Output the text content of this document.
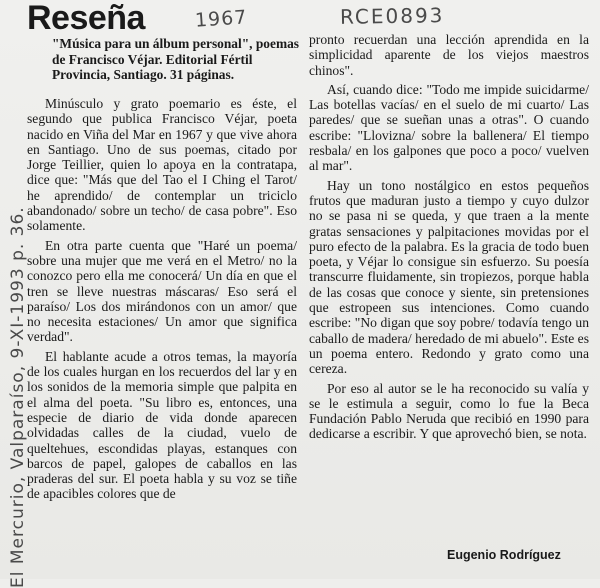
Reseña	1967	RCE0893
El Mercurio, Valparaíso, 9-XI-1993 p. 36.
"Música para un álbum personal", poemas de Francisco Véjar. Editorial Fértil Provincia, Santiago. 31 páginas.

Minúsculo y grato poemario es éste, el segundo que publica Francisco Véjar, poeta nacido en Viña del Mar en 1967 y que vive ahora en Santiago. Uno de sus poemas, citado por Jorge Teillier, quien lo apoya en la contratapa, dice que: "Más que del Tao el I Ching el Tarot/ he aprendido/ de contemplar un triciclo abandonado/ sobre un techo/ de casa pobre". Eso solamente.

En otra parte cuenta que "Haré un poema/ sobre una mujer que me verá en el Metro/ no la conozco pero ella me conocerá/ Un día en que el tren se lleve nuestras máscaras/ Eso será el paraíso/ Los dos mirándonos con un amor/ que no necesita estaciones/ Un amor que significa verdad".

El hablante acude a otros temas, la mayoría de los cuales hurgan en los recuerdos del lar y en los sonidos de la memoria simple que palpita en el alma del poeta. "Su libro es, entonces, una especie de diario de vida donde aparecen olvidadas calles de la ciudad, vuelo de queltehues, escondidas playas, estanques con barcos de papel, galopes de caballos en las praderas del sur. El poeta habla y su voz se tiñe de apacibles colores que de

pronto recuerdan una lección aprendida en la simplicidad aparente de los viejos maestros chinos".

Así, cuando dice: "Todo me impide suicidarme/ Las botellas vacías/ en el suelo de mi cuarto/ Las paredes/ que se sueñan unas a otras". O cuando escribe: "Llovizna/ sobre la ballenera/ El tiempo resbala/ en los galpones que poco a poco/ vuelven al mar".

Hay un tono nostálgico en estos pequeños frutos que maduran justo a tiempo y cuyo dulzor no se pasa ni se queda, y que traen a la mente gratas sensaciones y palpitaciones movidas por el puro efecto de la palabra. Es la gracia de todo buen poeta, y Véjar lo consigue sin esfuerzo. Su poesía transcurre fluidamente, sin tropiezos, porque habla de las cosas que conoce y siente, sin pretensiones que estropeen sus intenciones. Como cuando escribe: "No digan que soy pobre/ todavía tengo un caballo de madera/ heredado de mi abuelo". Este es un poema entero. Redondo y grato como una cereza.

Por eso al autor se le ha reconocido su valía y se le estimula a seguir, como lo fue la Beca Fundación Pablo Neruda que recibió en 1990 para dedicarse a escribir. Y que aprovechó bien, se nota.

Eugenio Rodríguez
